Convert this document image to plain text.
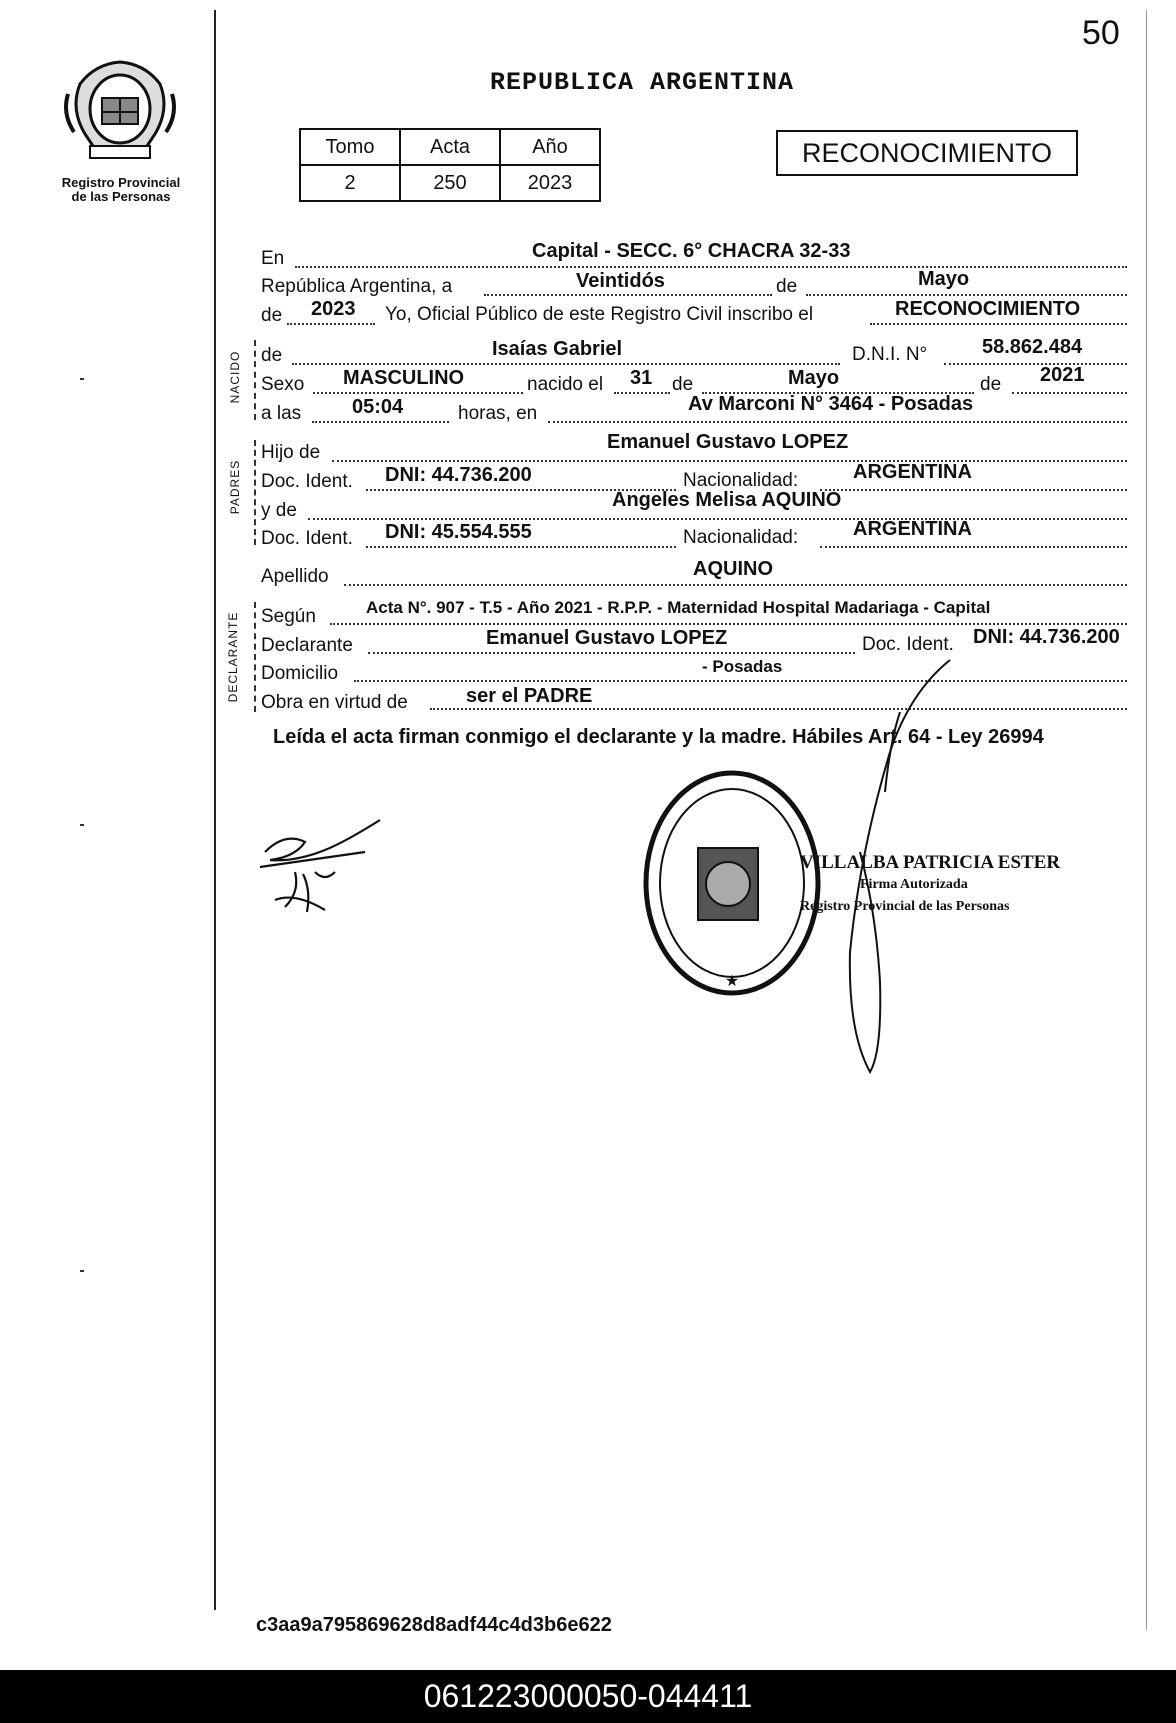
50
Registro Provincial
de las Personas
REPUBLICA ARGENTINA
Tomo	Acta	Año
2	250	2023
RECONOCIMIENTO
En	Capital - SECC. 6° CHACRA 32-33
República Argentina, a	Veintidós	de	Mayo
de 2023 Yo, Oficial Público de este Registro Civil inscribo el	RECONOCIMIENTO
NACIDO de	Isaías Gabriel	D.N.I. N°	58.862.484
Sexo MASCULINO	nacido el 31 de	Mayo	de 2021
a las	05:04	horas, en	Av Marconi N° 3464 - Posadas
PADRES
Hijo de	Emanuel Gustavo LOPEZ
Doc. Ident. DNI: 44.736.200	Nacionalidad:	ARGENTINA
y de	Angeles Melisa AQUINO
Doc. Ident. DNI: 45.554.555	Nacionalidad:	ARGENTINA
Apellido	AQUINO
DECLARANTE Según	Acta N°. 907 - T.5 - Año 2021 - R.P.P. - Maternidad Hospital Madariaga - Capital
Declarante	Emanuel Gustavo LOPEZ	Doc. Ident. DNI: 44.736.200
Domicilio	- Posadas
Obra en virtud de	ser el PADRE
Leída el acta firman conmigo el declarante y la madre. Hábiles Art. 64 - Ley 26994
★
VILLALBA PATRICIA ESTER
Firma Autorizada
Registro Provincial de las Personas
c3aa9a795869628d8adf44c4d3b6e622
061223000050-044411
